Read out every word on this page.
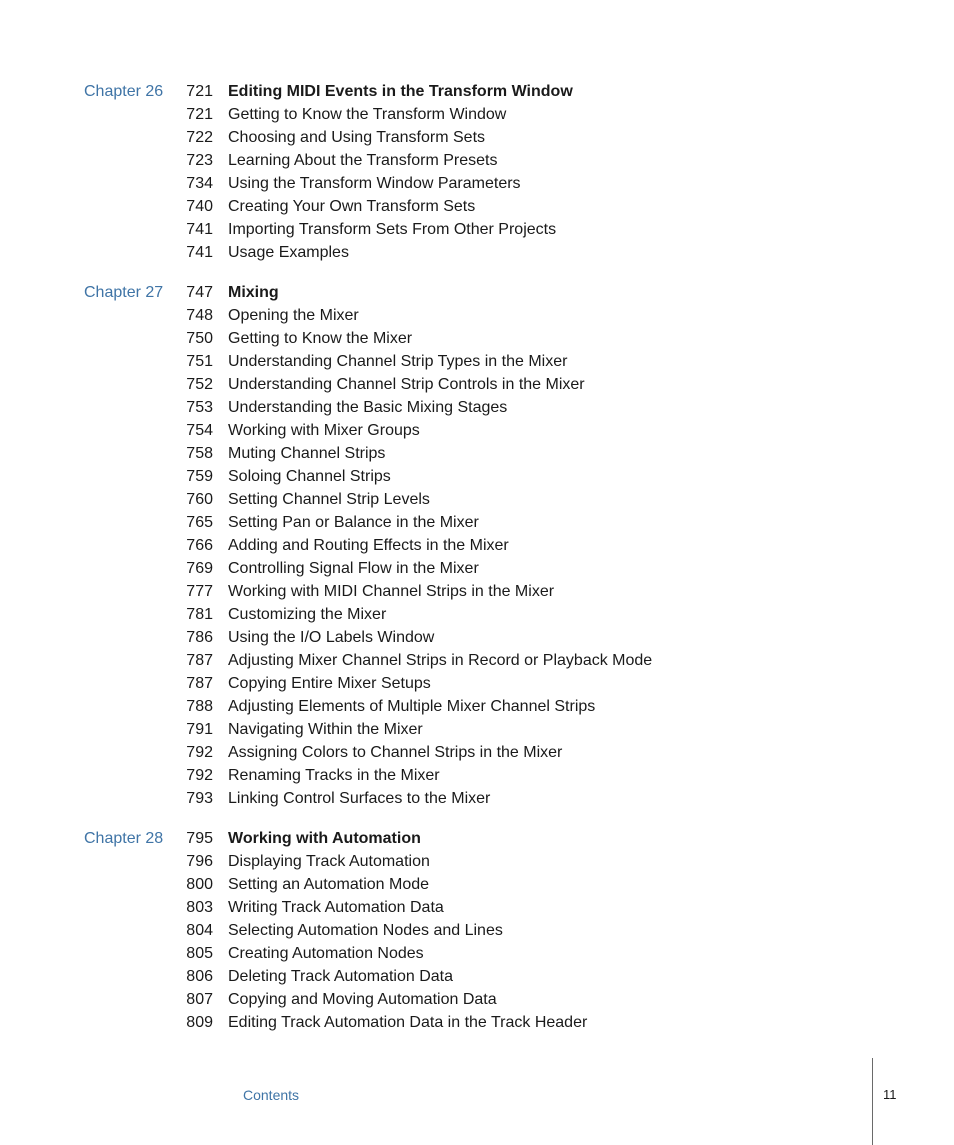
Chapter 26	721 Editing MIDI Events in the Transform Window
721 Getting to Know the Transform Window
722 Choosing and Using Transform Sets
723 Learning About the Transform Presets
734 Using the Transform Window Parameters
740 Creating Your Own Transform Sets
741 Importing Transform Sets From Other Projects
741 Usage Examples
Chapter 27	747 Mixing
748 Opening the Mixer
750 Getting to Know the Mixer
751 Understanding Channel Strip Types in the Mixer
752 Understanding Channel Strip Controls in the Mixer
753 Understanding the Basic Mixing Stages
754 Working with Mixer Groups
758 Muting Channel Strips
759 Soloing Channel Strips
760 Setting Channel Strip Levels
765 Setting Pan or Balance in the Mixer
766 Adding and Routing Effects in the Mixer
769 Controlling Signal Flow in the Mixer
777 Working with MIDI Channel Strips in the Mixer
781 Customizing the Mixer
786 Using the I/O Labels Window
787 Adjusting Mixer Channel Strips in Record or Playback Mode
787 Copying Entire Mixer Setups
788 Adjusting Elements of Multiple Mixer Channel Strips
791 Navigating Within the Mixer
792 Assigning Colors to Channel Strips in the Mixer
792 Renaming Tracks in the Mixer
793 Linking Control Surfaces to the Mixer
Chapter 28	795 Working with Automation
796 Displaying Track Automation
800 Setting an Automation Mode
803 Writing Track Automation Data
804 Selecting Automation Nodes and Lines
805 Creating Automation Nodes
806 Deleting Track Automation Data
807 Copying and Moving Automation Data
809 Editing Track Automation Data in the Track Header
Contents	11
